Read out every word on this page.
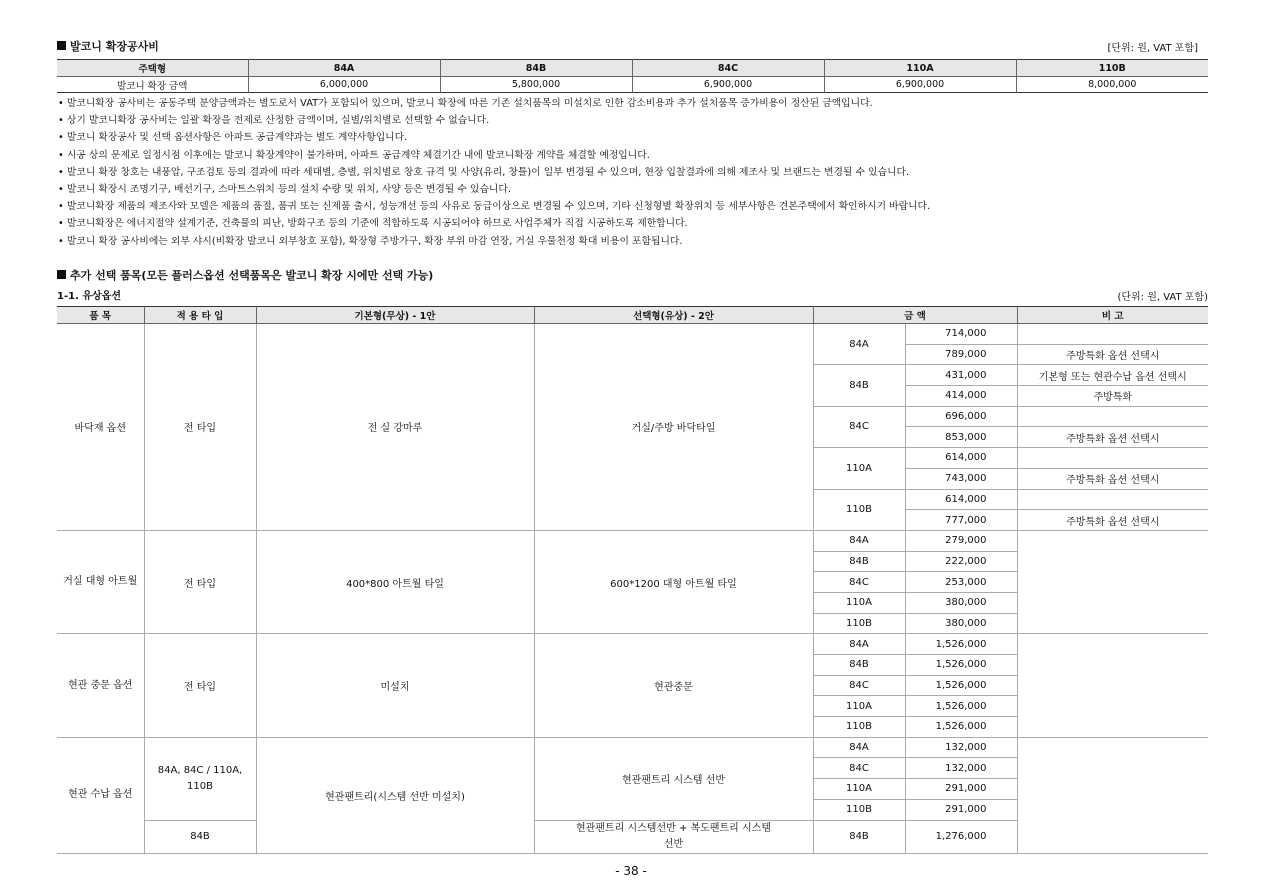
발코니 확장공사비	[단위: 원, VAT 포함]
주택형	84A	84B	84C	110A	110B
발코니 확장 금액	6,000,000	5,800,000	6,900,000	6,900,000	8,000,000
• 발코니확장 공사비는 공동주택 분양금액과는 별도로서 VAT가 포함되어 있으며, 발코니 확장에 따른 기존 설치품목의 미설치로 인한 감소비용과 추가 설치품목 증가비용이 정산된 금액입니다.
• 상기 발코니확장 공사비는 일괄 확장을 전제로 산정한 금액이며, 실별/위치별로 선택할 수 없습니다.
• 발코니 확장공사 및 선택 옵션사항은 아파트 공급계약과는 별도 계약사항입니다.
• 시공 상의 문제로 일정시점 이후에는 발코니 확장계약이 불가하며, 아파트 공급계약 체결기간 내에 발코니확장 계약을 체결할 예정입니다.
• 발코니 확장 창호는 내풍압, 구조검토 등의 결과에 따라 세대별, 층별, 위치별로 창호 규격 및 사양(유리, 창틀)이 일부 변경될 수 있으며, 현장 입찰결과에 의해 제조사 및 브랜드는 변경될 수 있습니다.
• 발코니 확장시 조명기구, 배선기구, 스마트스위치 등의 설치 수량 및 위치, 사양 등은 변경될 수 있습니다.
• 발코니확장 제품의 제조사와 모델은 제품의 품절, 품귀 또는 신제품 출시, 성능개선 등의 사유로 동급이상으로 변경될 수 있으며, 기타 신청형별 확장위치 등 세부사항은 견본주택에서 확인하시기 바랍니다.
• 발코니확장은 에너지절약 설계기준, 건축물의 피난, 방화구조 등의 기준에 적합하도록 시공되어야 하므로 사업주체가 직접 시공하도록 제한합니다.
• 발코니 확장 공사비에는 외부 샤시(비확장 발코니 외부창호 포함), 확장형 주방가구, 확장 부위 마감 연장, 거실 우물천정 확대 비용이 포함됩니다.
추가 선택 품목(모든 플러스옵션 선택품목은 발코니 확장 시에만 선택 가능)
1-1. 유상옵션	(단위: 원, VAT 포함)
품 목	적 용 타 입	기본형(무상) - 1안	선택형(유상) - 2안	금 액		비 고
바닥재 옵션	전 타입	전 실 강마루	거실/주방 바닥타일	84A	714,000	
					789,000	주방특화 옵션 선택시
				84B	431,000	기본형 또는 현관수납 옵션 선택시
					414,000	주방특화
				84C	696,000	
					853,000	주방특화 옵션 선택시
				110A	614,000	
					743,000	주방특화 옵션 선택시
				110B	614,000	
					777,000	주방특화 옵션 선택시
거실 대형 아트월	전 타입	400*800 아트월 타일	600*1200 대형 아트월 타일	84A	279,000	
				84B	222,000	
				84C	253,000	
				110A	380,000	
				110B	380,000	
현관 중문 옵션	전 타입	미설치	현관중문	84A	1,526,000	
				84B	1,526,000	
				84C	1,526,000	
				110A	1,526,000	
				110B	1,526,000	
현관 수납 옵션	84A, 84C / 110A, 110B	현관팬트리(시스템 선반 미설치)	현관팬트리 시스템 선반	84A	132,000	
				84C	132,000	
				110A	291,000	
				110B	291,000	
	84B		현관팬트리 시스템선반 + 복도팬트리 시스템 선반	84B	1,276,000	

- 38 -
